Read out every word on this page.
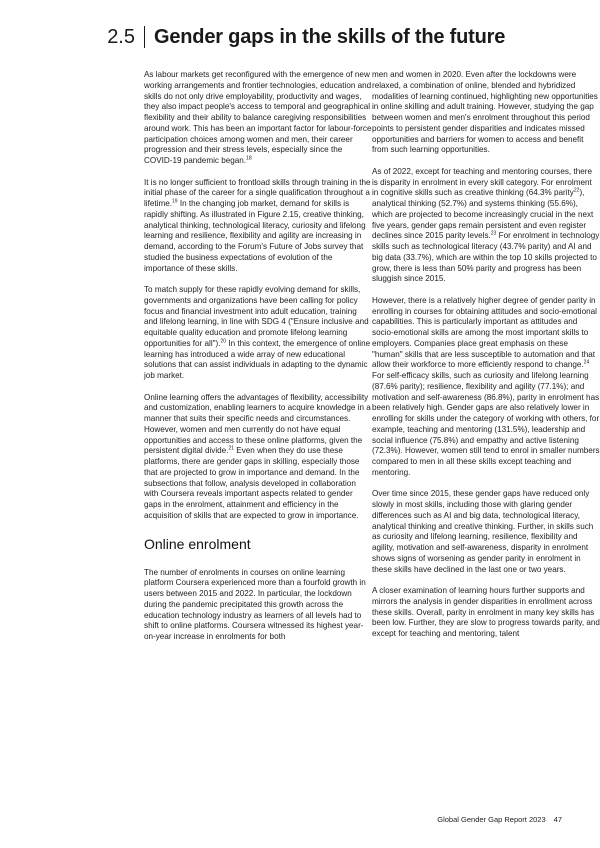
2.5 Gender gaps in the skills of the future

As labour markets get reconfigured with the emergence of new working arrangements and frontier technologies, education and skills do not only drive employability, productivity and wages, they also impact people's access to temporal and geographical flexibility and their ability to balance caregiving responsibilities around work. This has been an important factor for labour-force participation choices among women and men, their career progression and their stress levels, especially since the COVID-19 pandemic began.$^{18}$

It is no longer sufficient to frontload skills through training in the initial phase of the career for a single qualification throughout a lifetime.$^{19}$ In the changing job market, demand for skills is rapidly shifting. As illustrated in Figure 2.15, creative thinking, analytical thinking, technological literacy, curiosity and lifelong learning and resilience, flexibility and agility are increasing in demand, according to the Forum's Future of Jobs survey that studied the business expectations of evolution of the importance of these skills.

To match supply for these rapidly evolving demand for skills, governments and organizations have been calling for policy focus and financial investment into adult education, training and lifelong learning, in line with SDG 4 ("Ensure inclusive and equitable quality education and promote lifelong learning opportunities for all").$^{20}$ In this context, the emergence of online learning has introduced a wide array of new educational solutions that can assist individuals in adapting to the dynamic job market.

Online learning offers the advantages of flexibility, accessibility and customization, enabling learners to acquire knowledge in a manner that suits their specific needs and circumstances. However, women and men currently do not have equal opportunities and access to these online platforms, given the persistent digital divide.$^{21}$ Even when they do use these platforms, there are gender gaps in skilling, especially those that are projected to grow in importance and demand. In the subsections that follow, analysis developed in collaboration with Coursera reveals important aspects related to gender gaps in the enrolment, attainment and efficiency in the acquisition of skills that are expected to grow in importance.

Online enrolment

The number of enrolments in courses on online learning platform Coursera experienced more than a fourfold growth in users between 2015 and 2022. In particular, the lockdown during the pandemic precipitated this growth across the education technology industry as learners of all levels had to shift to online platforms. Coursera witnessed its highest year-on-year increase in enrolments for both

men and women in 2020. Even after the lockdowns were relaxed, a combination of online, blended and hybridized modalities of learning continued, highlighting new opportunities in online skilling and adult training. However, studying the gap between women and men's enrolment throughout this period points to persistent gender disparities and indicates missed opportunities and barriers for women to access and benefit from such learning opportunities.

As of 2022, except for teaching and mentoring courses, there is disparity in enrolment in every skill category. For enrolment in cognitive skills such as creative thinking (64.3% parity$^{22}$), analytical thinking (52.7%) and systems thinking (55.6%), which are projected to become increasingly crucial in the next five years, gender gaps remain persistent and even register declines since 2015 parity levels.$^{23}$ For enrolment in technology skills such as technological literacy (43.7% parity) and AI and big data (33.7%), which are within the top 10 skills projected to grow, there is less than 50% parity and progress has been sluggish since 2015.

However, there is a relatively higher degree of gender parity in enrolling in courses for obtaining attitudes and socio-emotional capabilities. This is particularly important as attitudes and socio-emotional skills are among the most important skills to employers. Companies place great emphasis on these "human" skills that are less susceptible to automation and that allow their workforce to more efficiently respond to change.$^{24}$ For self-efficacy skills, such as curiosity and lifelong learning (87.6% parity); resilience, flexibility and agility (77.1%); and motivation and self-awareness (86.8%), parity in enrolment has been relatively high. Gender gaps are also relatively lower in enrolling for skills under the category of working with others, for example, teaching and mentoring (131.5%), leadership and social influence (75.8%) and empathy and active listening (72.3%). However, women still tend to enrol in smaller numbers compared to men in all these skills except teaching and mentoring.

Over time since 2015, these gender gaps have reduced only slowly in most skills, including those with glaring gender differences such as AI and big data, technological literacy, analytical thinking and creative thinking. Further, in skills such as curiosity and lifelong learning, resilience, flexibility and agility, motivation and self-awareness, disparity in enrolment shows signs of worsening as gender parity in enrolment in these skills have declined in the last one or two years.

A closer examination of learning hours further supports and mirrors the analysis in gender disparities in enrollment across these skills. Overall, parity in enrolment in many key skills has been low. Further, they are slow to progress towards parity, and except for teaching and mentoring, talent

Global Gender Gap Report 2023 47
